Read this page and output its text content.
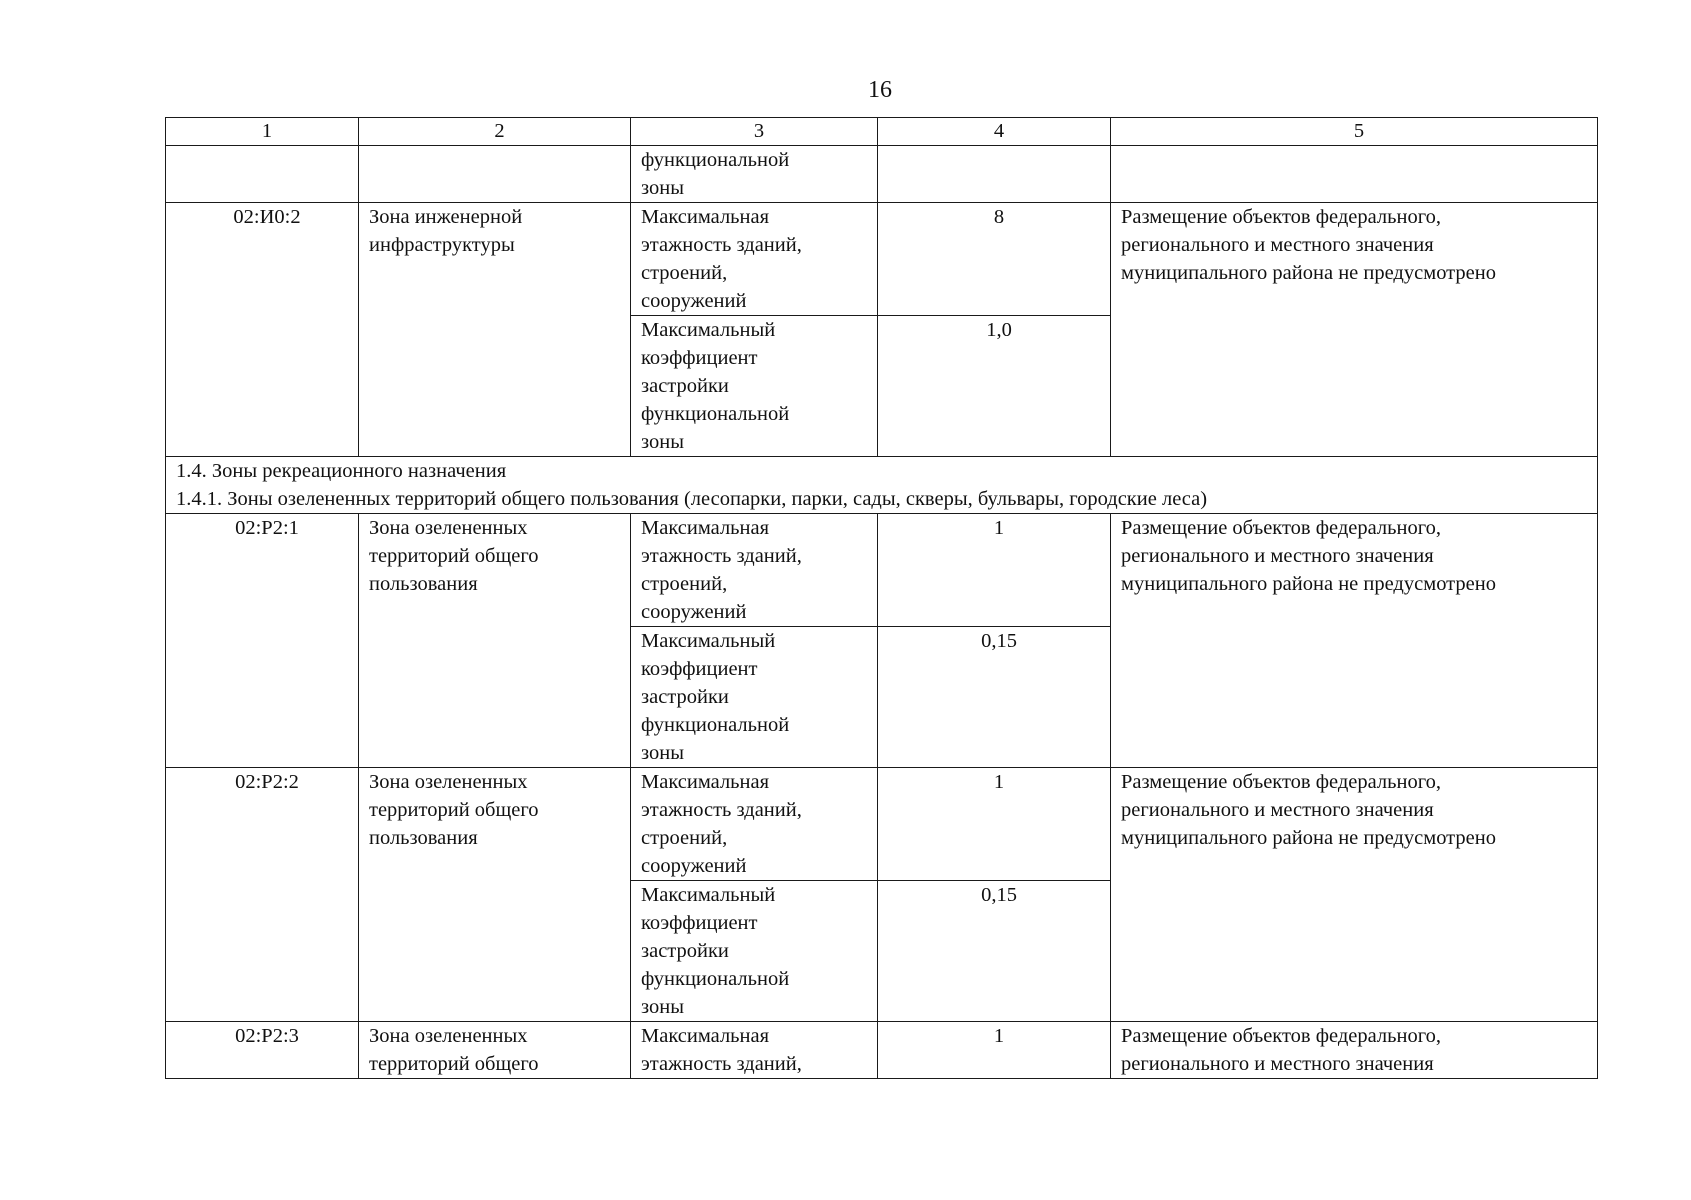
16
1	2	3	4	5

		функциональной
зоны		

02:И0:2	Зона инженерной
инфраструктуры	Максимальная
этажность зданий,
строений,
сооружений	8	Размещение объектов федерального,
регионального и местного значения
муниципального района не предусмотрено

		Максимальный
коэффициент
застройки
функциональной
зоны	1,0	

1.4. Зоны рекреационного назначения
1.4.1. Зоны озелененных территорий общего пользования (лесопарки, парки, сады, скверы, бульвары, городские леса)				

02:Р2:1	Зона озелененных
территорий общего
пользования	Максимальная
этажность зданий,
строений,
сооружений	1	Размещение объектов федерального,
регионального и местного значения
муниципального района не предусмотрено

		Максимальный
коэффициент
застройки
функциональной
зоны	0,15	
02:Р2:2	Зона озелененных
территорий общего
пользования	Максимальная
этажность зданий,
строений,
сооружений	1	Размещение объектов федерального,
регионального и местного значения
муниципального района не предусмотрено

		Максимальный
коэффициент
застройки
функциональной
зоны	0,15	
02:Р2:3	Зона озелененных
территорий общего	Максимальная
этажность зданий,	1	Размещение объектов федерального,
регионального и местного значения
